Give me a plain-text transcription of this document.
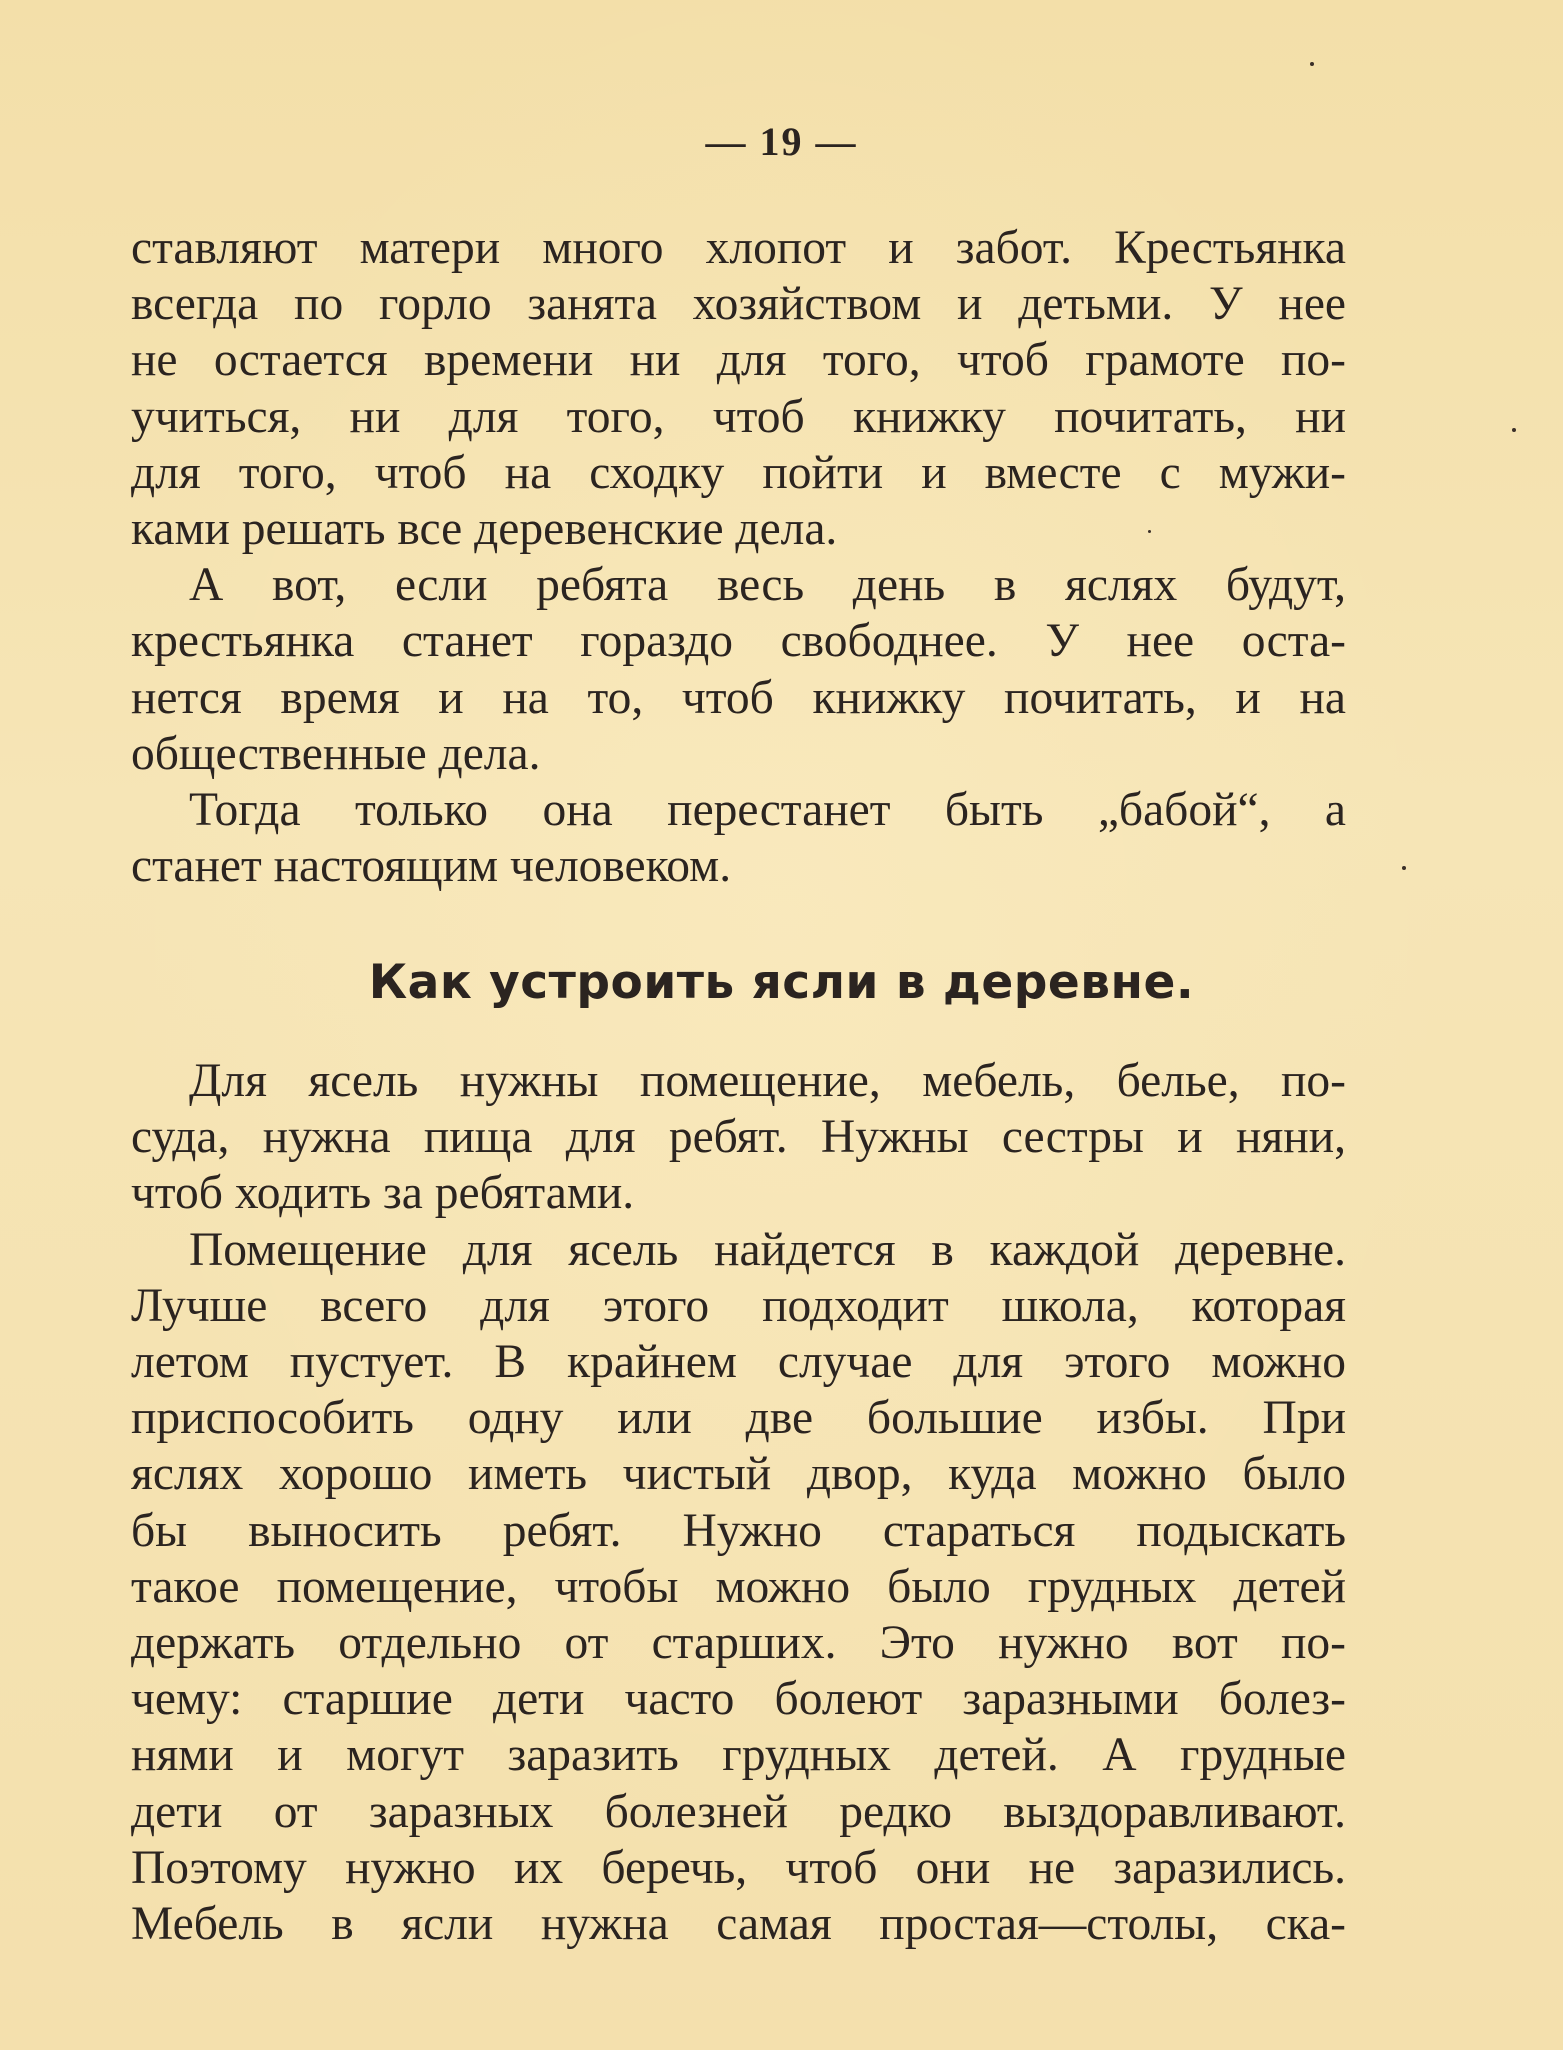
— 19 —
ставляют матери много хлопот и забот. Крестьянка
всегда по горло занята хозяйством и детьми. У нее
не остается времени ни для того, чтоб грамоте по-
учиться, ни для того, чтоб книжку почитать, ни
для того, чтоб на сходку пойти и вместе с мужи-
ками решать все деревенские дела.
А вот, если ребята весь день в яслях будут,
крестьянка станет гораздо свободнее. У нее оста-
нется время и на то, чтоб книжку почитать, и на
общественные дела.
Тогда только она перестанет быть „бабой“, а
станет настоящим человеком.
Как устроить ясли в деревне.
Для ясель нужны помещение, мебель, белье, по-
суда, нужна пища для ребят. Нужны сестры и няни,
чтоб ходить за ребятами.
Помещение для ясель найдется в каждой деревне.
Лучше всего для этого подходит школа, которая
летом пустует. В крайнем случае для этого можно
приспособить одну или две большие избы. При
яслях хорошо иметь чистый двор, куда можно было
бы выносить ребят. Нужно стараться подыскать
такое помещение, чтобы можно было грудных детей
держать отдельно от старших. Это нужно вот по-
чему: старшие дети часто болеют заразными болез-
нями и могут заразить грудных детей. А грудные
дети от заразных болезней редко выздоравливают.
Поэтому нужно их беречь, чтоб они не заразились.
Мебель в ясли нужна самая простая—столы, ска-
